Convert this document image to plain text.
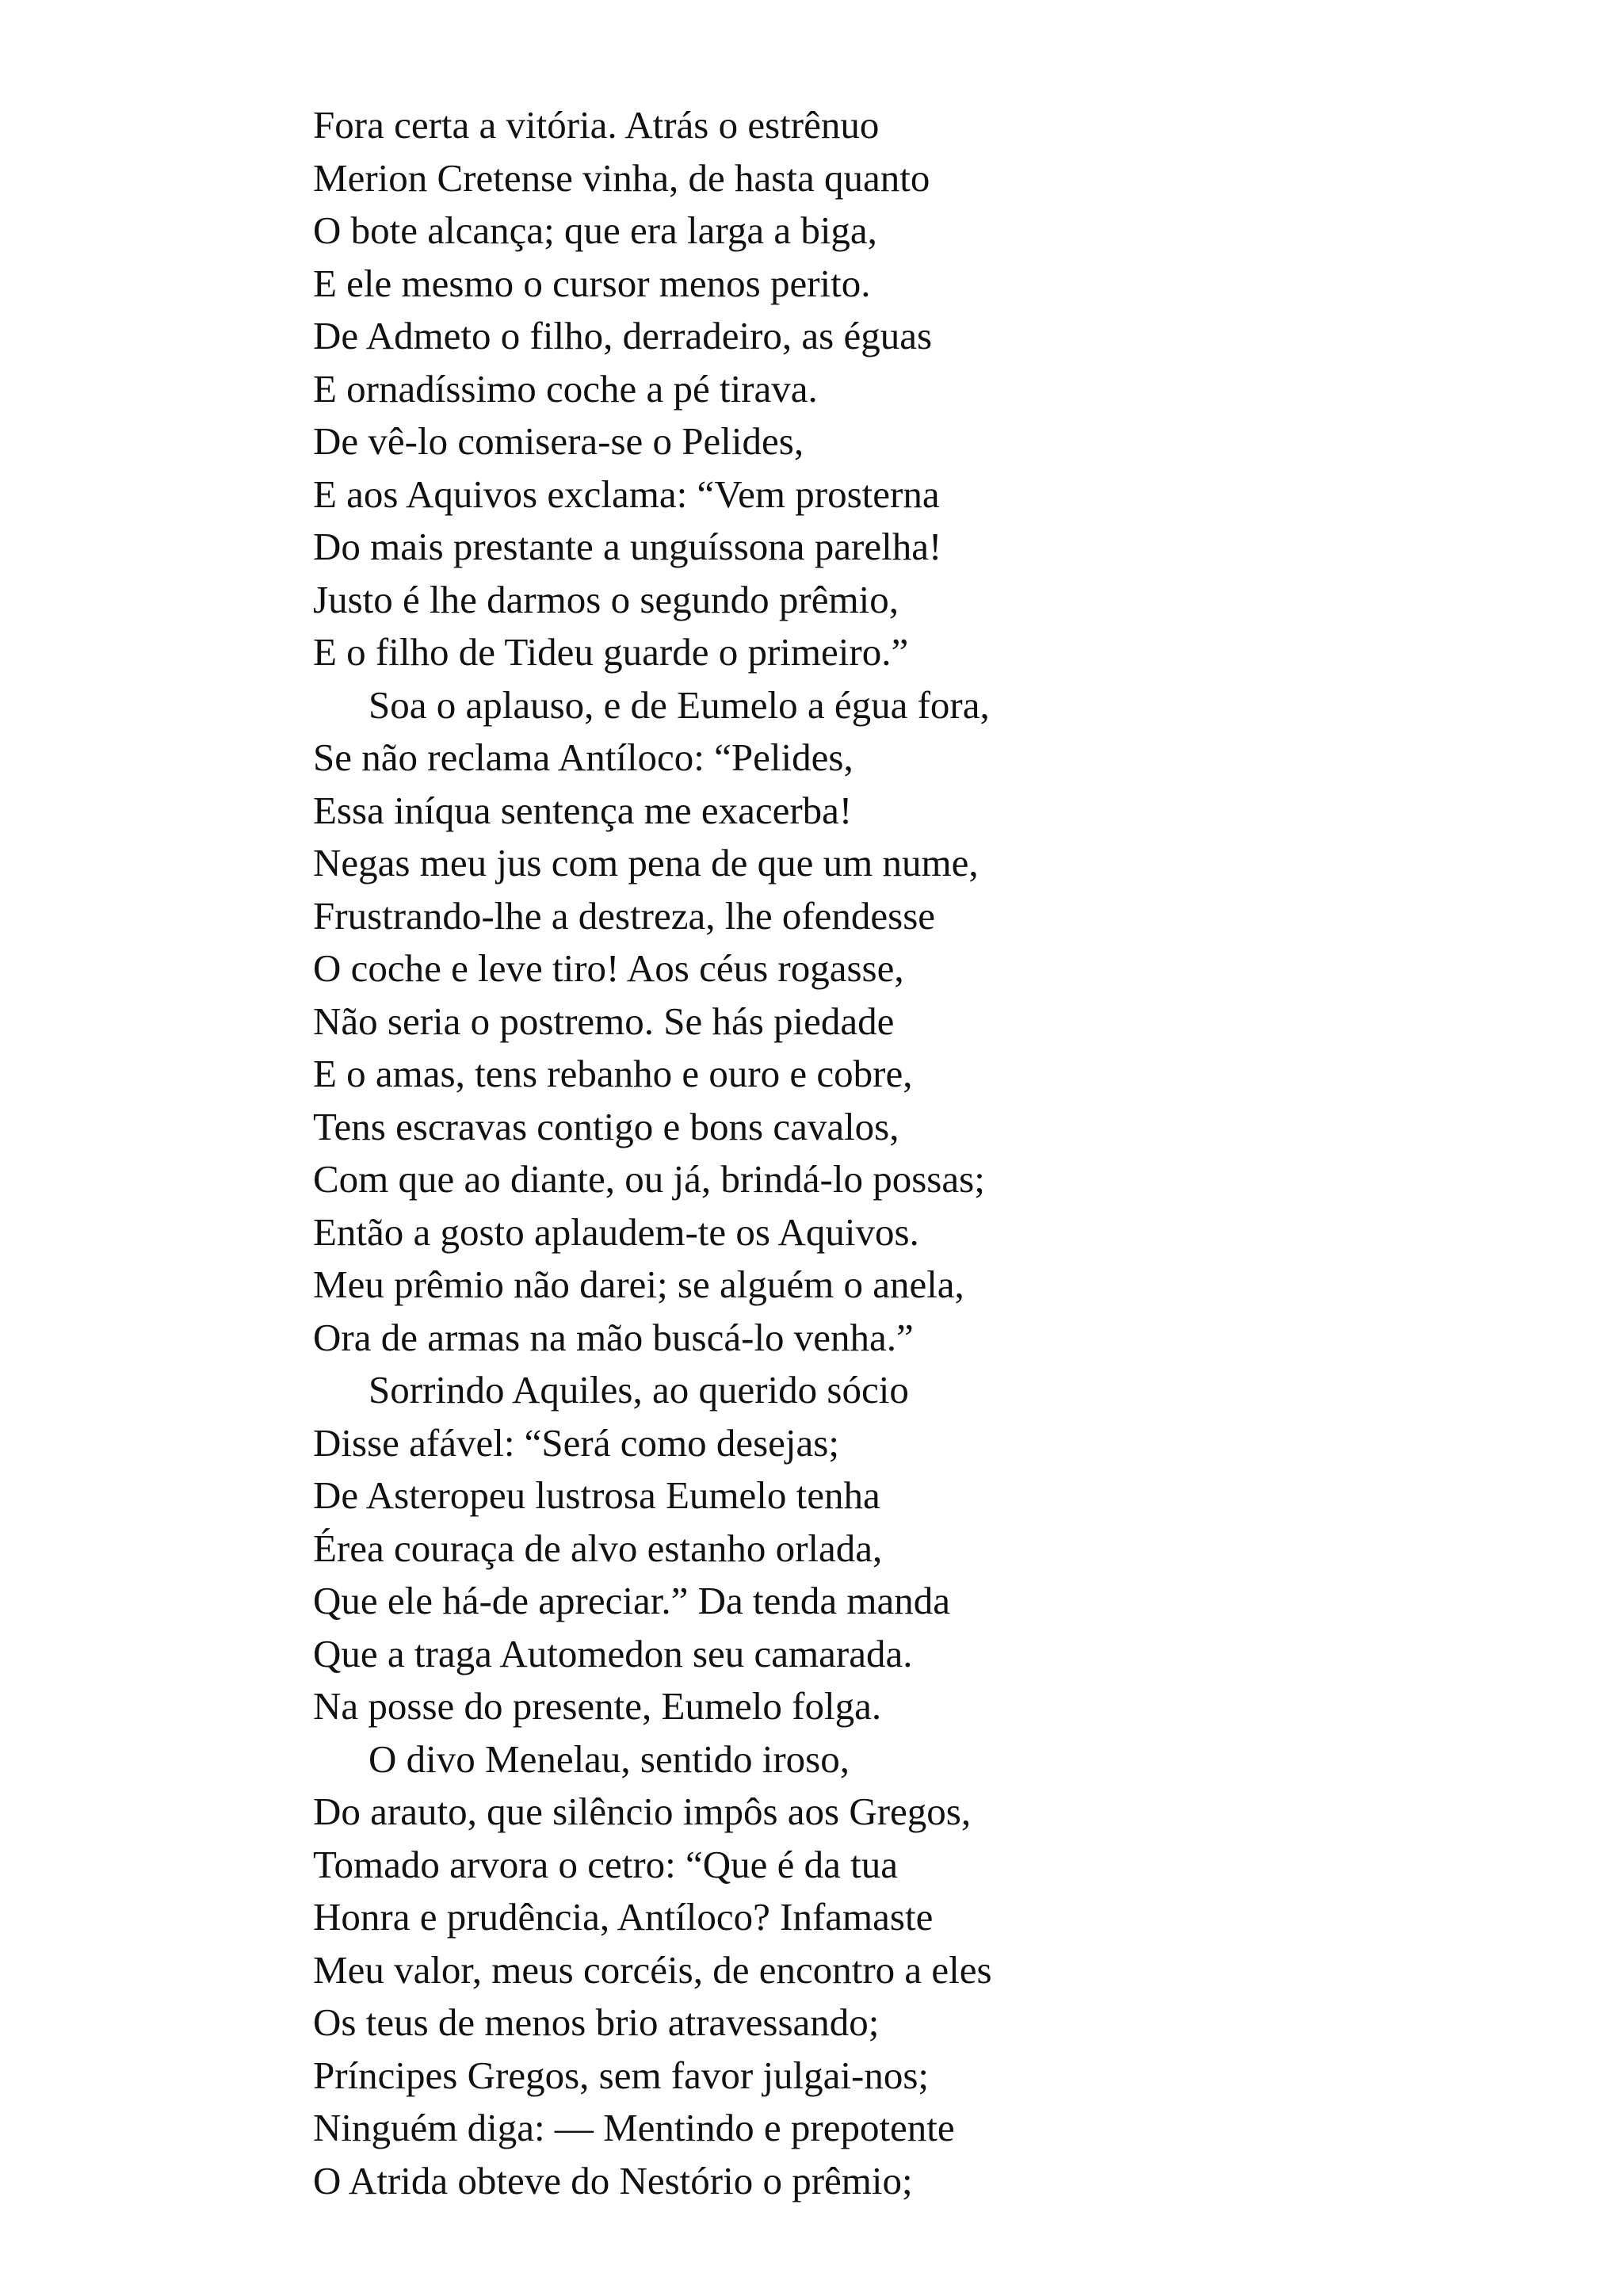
Fora certa a vitória. Atrás o estrênuo
Merion Cretense vinha, de hasta quanto
O bote alcança; que era larga a biga,
E ele mesmo o cursor menos perito.
De Admeto o filho, derradeiro, as éguas
E ornadíssimo coche a pé tirava.
De vê-lo comisera-se o Pelides,
E aos Aquivos exclama: “Vem prosterna
Do mais prestante a unguíssona parelha!
Justo é lhe darmos o segundo prêmio,
E o filho de Tideu guarde o primeiro.”
Soa o aplauso, e de Eumelo a égua fora,
Se não reclama Antíloco: “Pelides,
Essa iníqua sentença me exacerba!
Negas meu jus com pena de que um nume,
Frustrando-lhe a destreza, lhe ofendesse
O coche e leve tiro! Aos céus rogasse,
Não seria o postremo. Se hás piedade
E o amas, tens rebanho e ouro e cobre,
Tens escravas contigo e bons cavalos,
Com que ao diante, ou já, brindá-lo possas;
Então a gosto aplaudem-te os Aquivos.
Meu prêmio não darei; se alguém o anela,
Ora de armas na mão buscá-lo venha.”
Sorrindo Aquiles, ao querido sócio
Disse afável: “Será como desejas;
De Asteropeu lustrosa Eumelo tenha
Érea couraça de alvo estanho orlada,
Que ele há-de apreciar.” Da tenda manda
Que a traga Automedon seu camarada.
Na posse do presente, Eumelo folga.
O divo Menelau, sentido iroso,
Do arauto, que silêncio impôs aos Gregos,
Tomado arvora o cetro: “Que é da tua
Honra e prudência, Antíloco? Infamaste
Meu valor, meus corcéis, de encontro a eles
Os teus de menos brio atravessando;
Príncipes Gregos, sem favor julgai-nos;
Ninguém diga: — Mentindo e prepotente
O Atrida obteve do Nestório o prêmio;
